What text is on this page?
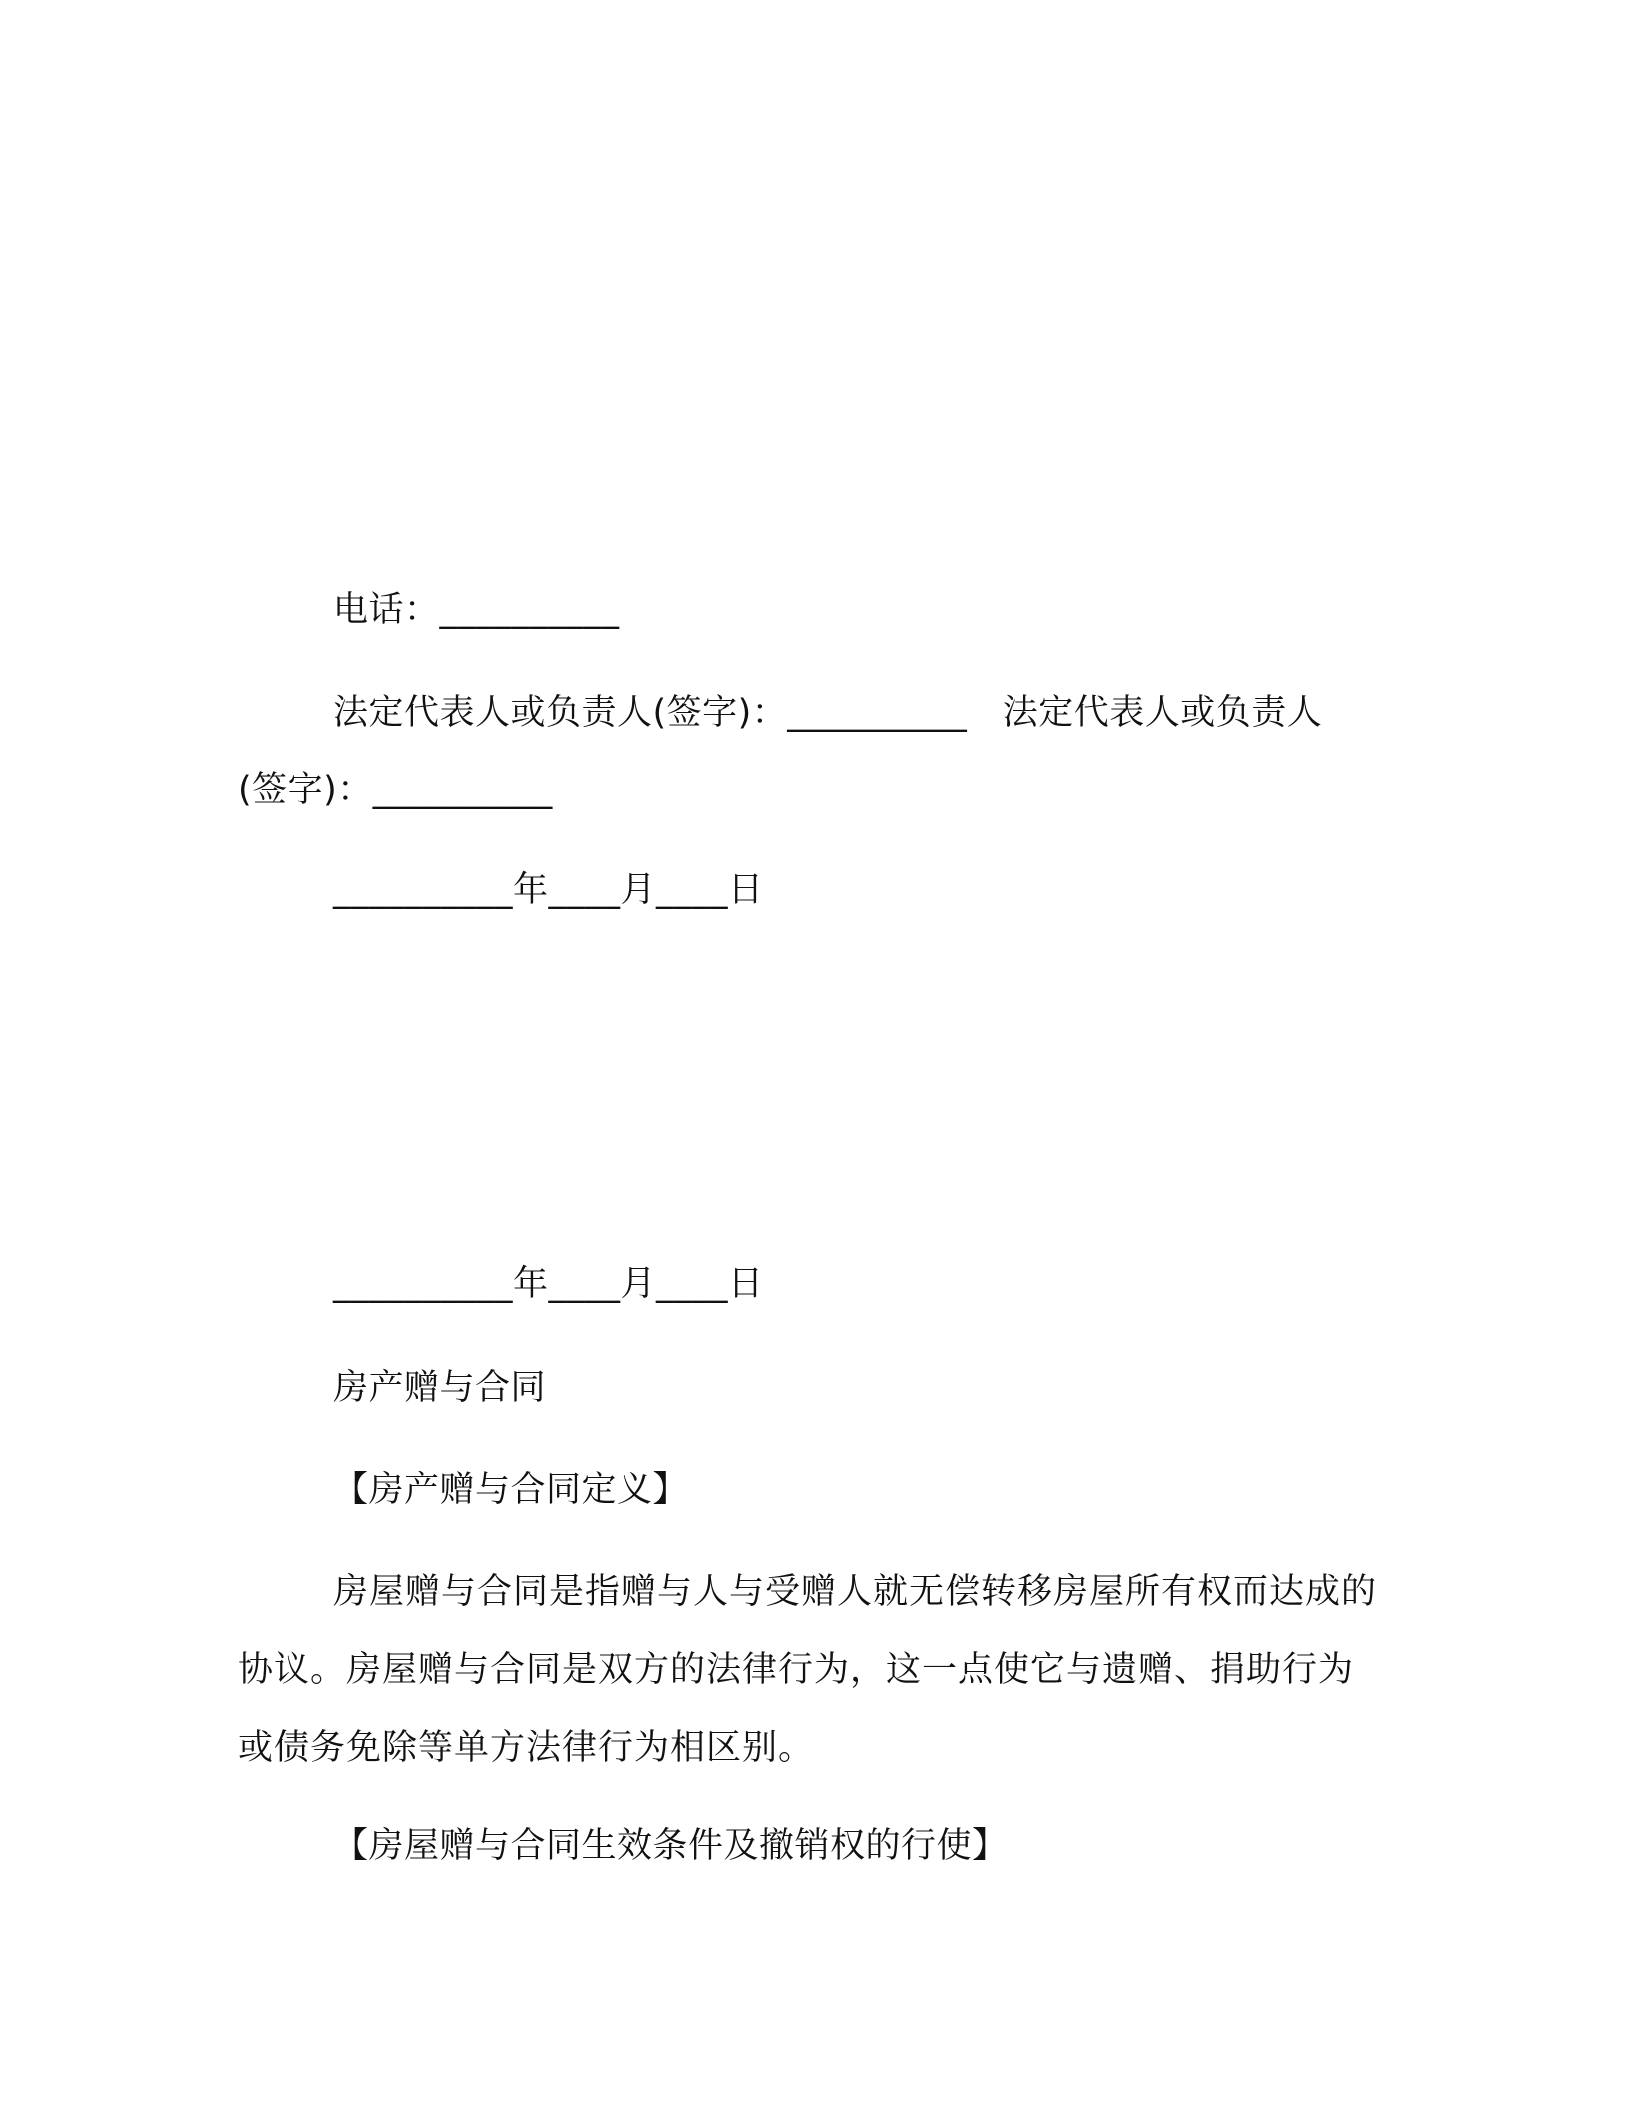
电话：__________
法定代表人或负责人(签字)：__________　法定代表人或负责人
(签字)：__________
__________年____月____日
__________年____月____日
房产赠与合同
【房产赠与合同定义】

房屋赠与合同是指赠与人与受赠人就无偿转移房屋所有权而达成的协议。房屋赠与合同是双方的法律行为，这一点使它与遗赠、捐助行为或债务免除等单方法律行为相区别。

【房屋赠与合同生效条件及撤销权的行使】
